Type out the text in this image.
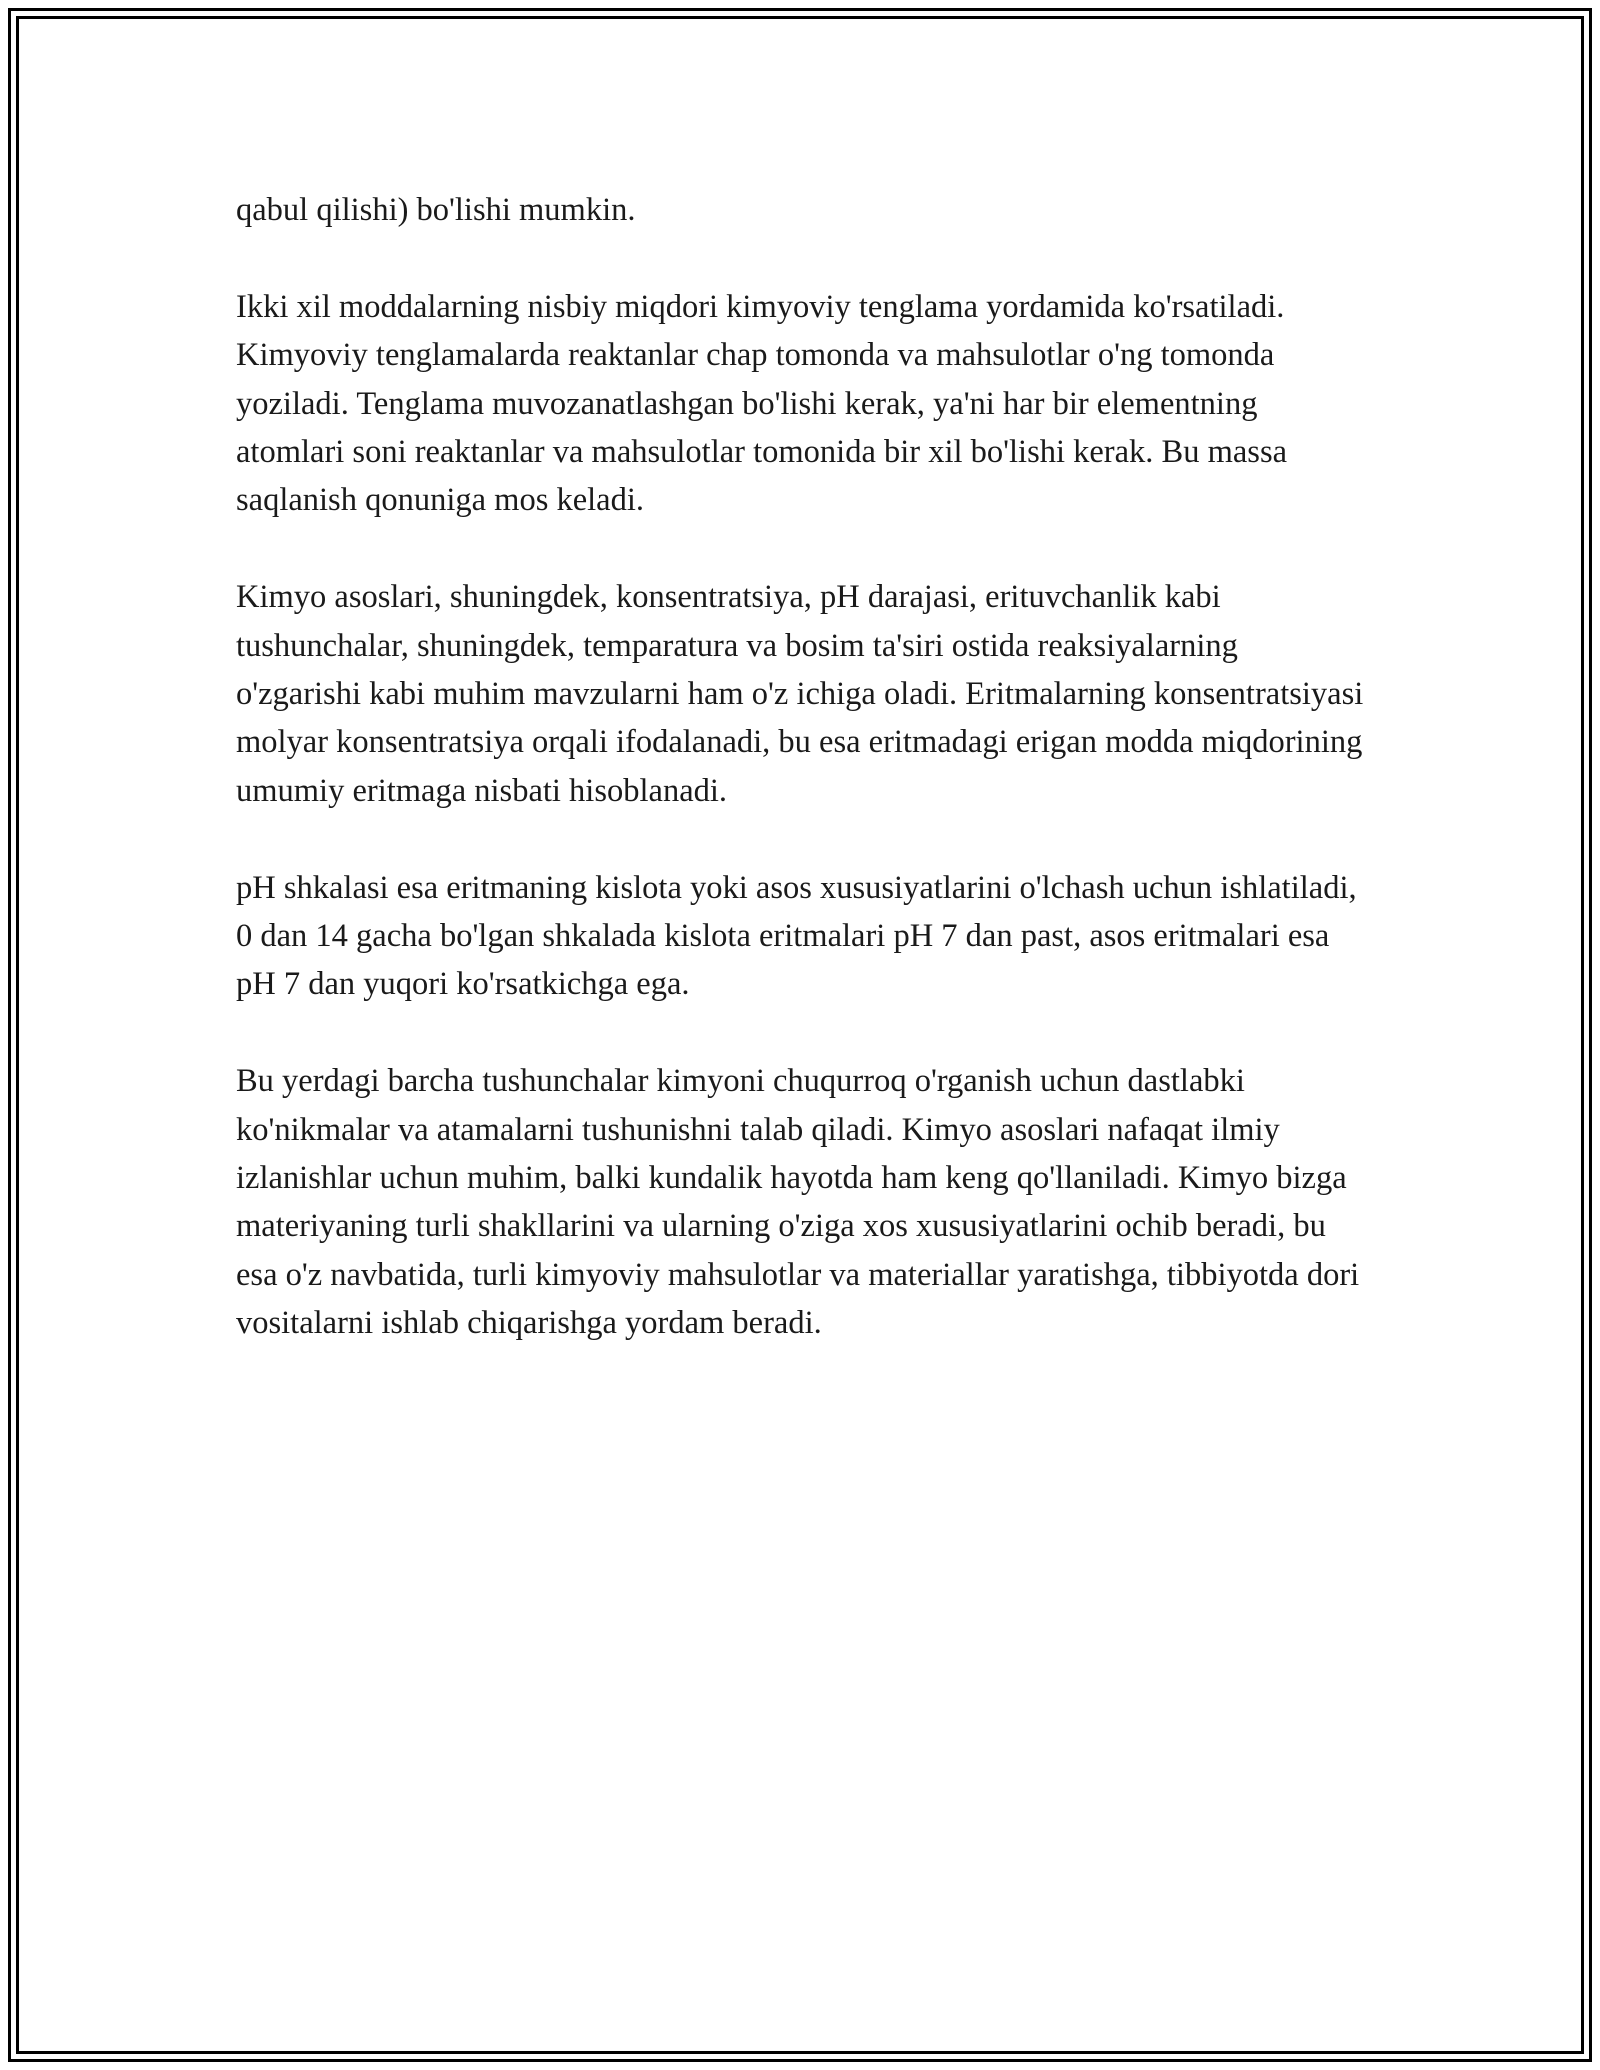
qabul qilishi) bo'lishi mumkin.

Ikki xil moddalarning nisbiy miqdori kimyoviy tenglama yordamida ko'rsatiladi. Kimyoviy tenglamalarda reaktanlar chap tomonda va mahsulotlar o'ng tomonda yoziladi. Tenglama muvozanatlashgan bo'lishi kerak, ya'ni har bir elementning atomlari soni reaktanlar va mahsulotlar tomonida bir xil bo'lishi kerak. Bu massa saqlanish qonuniga mos keladi.

Kimyo asoslari, shuningdek, konsentratsiya, pH darajasi, erituvchanlik kabi tushunchalar, shuningdek, temparatura va bosim ta'siri ostida reaksiyalarning o'zgarishi kabi muhim mavzularni ham o'z ichiga oladi. Eritmalarning konsentratsiyasi molyar konsentratsiya orqali ifodalanadi, bu esa eritmadagi erigan modda miqdorining umumiy eritmaga nisbati hisoblanadi.

pH shkalasi esa eritmaning kislota yoki asos xususiyatlarini o'lchash uchun ishlatiladi, 0 dan 14 gacha bo'lgan shkalada kislota eritmalari pH 7 dan past, asos eritmalari esa pH 7 dan yuqori ko'rsatkichga ega.

Bu yerdagi barcha tushunchalar kimyoni chuqurroq o'rganish uchun dastlabki ko'nikmalar va atamalarni tushunishni talab qiladi. Kimyo asoslari nafaqat ilmiy izlanishlar uchun muhim, balki kundalik hayotda ham keng qo'llaniladi. Kimyo bizga materiyaning turli shakllarini va ularning o'ziga xos xususiyatlarini ochib beradi, bu esa o'z navbatida, turli kimyoviy mahsulotlar va materiallar yaratishga, tibbiyotda dori vositalarni ishlab chiqarishga yordam beradi.
